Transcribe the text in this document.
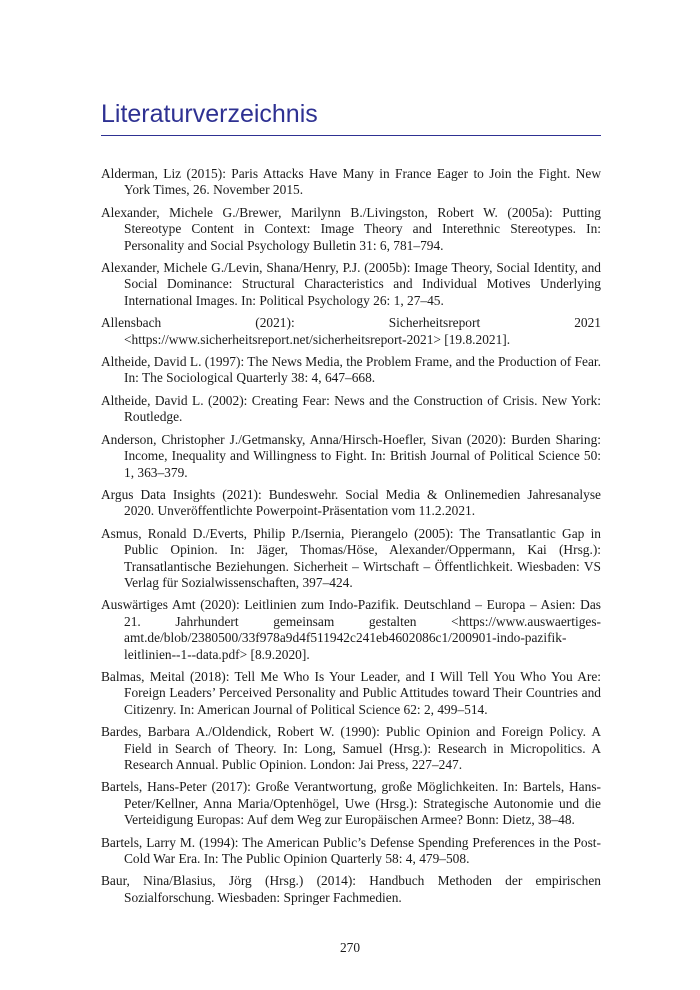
Literaturverzeichnis

Alderman, Liz (2015): Paris Attacks Have Many in France Eager to Join the Fight. New York Times, 26. November 2015.

Alexander, Michele G./Brewer, Marilynn B./Livingston, Robert W. (2005a): Putting Stereotype Content in Context: Image Theory and Interethnic Stereotypes. In: Personality and Social Psychology Bulletin 31: 6, 781–794.

Alexander, Michele G./Levin, Shana/Henry, P.J. (2005b): Image Theory, Social Identity, and Social Dominance: Structural Characteristics and Individual Motives Underlying International Images. In: Political Psychology 26: 1, 27–45.

Allensbach (2021): Sicherheitsreport 2021 <https://www.sicherheitsreport.net/sicherheitsreport-2021> [19.8.2021].

Altheide, David L. (1997): The News Media, the Problem Frame, and the Production of Fear. In: The Sociological Quarterly 38: 4, 647–668.

Altheide, David L. (2002): Creating Fear: News and the Construction of Crisis. New York: Routledge.

Anderson, Christopher J./Getmansky, Anna/Hirsch-Hoefler, Sivan (2020): Burden Sharing: Income, Inequality and Willingness to Fight. In: British Journal of Political Science 50: 1, 363–379.

Argus Data Insights (2021): Bundeswehr. Social Media & Onlinemedien Jahresanalyse 2020. Unveröffentlichte Powerpoint-Präsentation vom 11.2.2021.

Asmus, Ronald D./Everts, Philip P./Isernia, Pierangelo (2005): The Transatlantic Gap in Public Opinion. In: Jäger, Thomas/Höse, Alexander/Oppermann, Kai (Hrsg.): Transatlantische Beziehungen. Sicherheit – Wirtschaft – Öffentlichkeit. Wiesbaden: VS Verlag für Sozialwissenschaften, 397–424.

Auswärtiges Amt (2020): Leitlinien zum Indo-Pazifik. Deutschland – Europa – Asien: Das 21. Jahrhundert gemeinsam gestalten <https://www.auswaertiges-amt.de/blob/2380500/33f978a9d4f511942c241eb4602086c1/200901-indo-pazifik-leitlinien--1--data.pdf> [8.9.2020].

Balmas, Meital (2018): Tell Me Who Is Your Leader, and I Will Tell You Who You Are: Foreign Leaders’ Perceived Personality and Public Attitudes toward Their Countries and Citizenry. In: American Journal of Political Science 62: 2, 499–514.

Bardes, Barbara A./Oldendick, Robert W. (1990): Public Opinion and Foreign Policy. A Field in Search of Theory. In: Long, Samuel (Hrsg.): Research in Micropolitics. A Research Annual. Public Opinion. London: Jai Press, 227–247.

Bartels, Hans-Peter (2017): Große Verantwortung, große Möglichkeiten. In: Bartels, Hans-Peter/Kellner, Anna Maria/Optenhögel, Uwe (Hrsg.): Strategische Autonomie und die Verteidigung Europas: Auf dem Weg zur Europäischen Armee? Bonn: Dietz, 38–48.

Bartels, Larry M. (1994): The American Public’s Defense Spending Preferences in the Post-Cold War Era. In: The Public Opinion Quarterly 58: 4, 479–508.

Baur, Nina/Blasius, Jörg (Hrsg.) (2014): Handbuch Methoden der empirischen Sozialforschung. Wiesbaden: Springer Fachmedien.

270
